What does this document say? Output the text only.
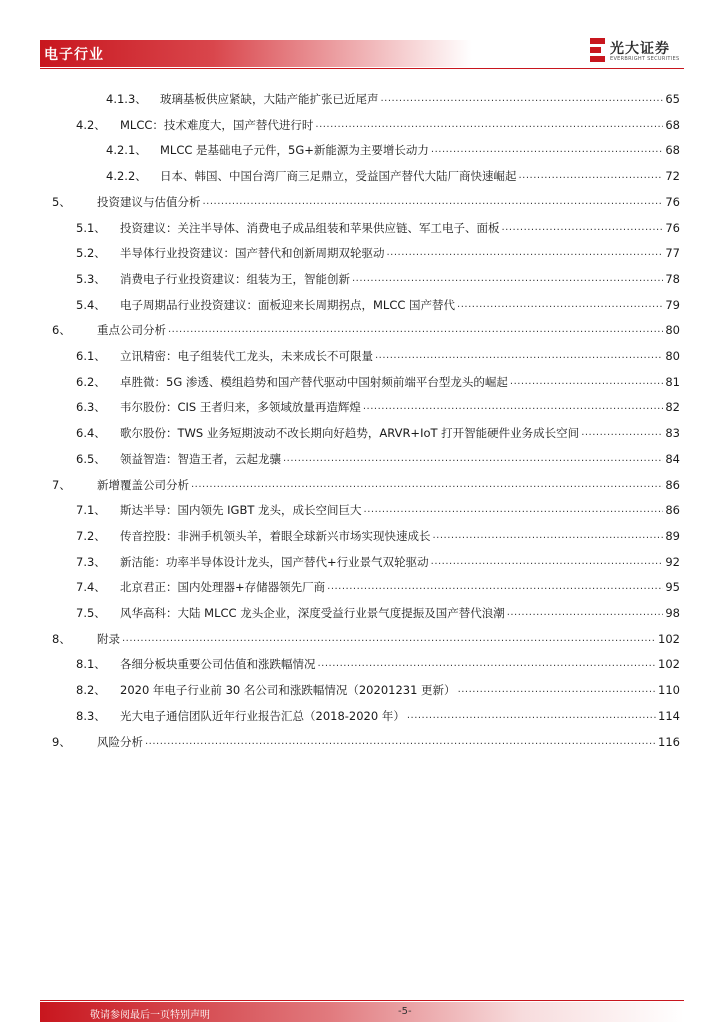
电子行业	光大证券
EVERBRIGHT SECURITIES
4.1.3、 玻璃基板供应紧缺，大陆产能扩张已近尾声 .....	65
4.2、 MLCC：技术难度大，国产替代进行时 .....	68
4.2.1、 MLCC 是基础电子元件，5G+新能源为主要增长动力 .....	68
4.2.2、 日本、韩国、中国台湾厂商三足鼎立，受益国产替代大陆厂商快速崛起 .....	72
5、 投资建议与估值分析 .....	76
5.1、 投资建议：关注半导体、消费电子成品组装和苹果供应链、军工电子、面板 .....	76
5.2、 半导体行业投资建议：国产替代和创新周期双轮驱动 .....	77
5.3、 消费电子行业投资建议：组装为王，智能创新 .....	78
5.4、 电子周期品行业投资建议：面板迎来长周期拐点，MLCC 国产替代 .....	79
6、 重点公司分析 .....	80
6.1、 立讯精密：电子组装代工龙头，未来成长不可限量 .....	80
6.2、 卓胜微：5G 渗透、模组趋势和国产替代驱动中国射频前端平台型龙头的崛起 .....	81
6.3、 韦尔股份：CIS 王者归来，多领域放量再造辉煌 .....	82
6.4、 歌尔股份：TWS 业务短期波动不改长期向好趋势，ARVR+IoT 打开智能硬件业务成长空间 .....	83
6.5、 领益智造：智造王者，云起龙骧 .....	84
7、 新增覆盖公司分析 .....	86
7.1、 斯达半导：国内领先 IGBT 龙头，成长空间巨大 .....	86
7.2、 传音控股：非洲手机领头羊，着眼全球新兴市场实现快速成长 .....	89
7.3、 新洁能：功率半导体设计龙头，国产替代+行业景气双轮驱动 .....	92
7.4、 北京君正：国内处理器+存储器领先厂商 .....	95
7.5、 风华高科：大陆 MLCC 龙头企业，深度受益行业景气度提振及国产替代浪潮 .....	98
8、 附录 .....	102
8.1、 各细分板块重要公司估值和涨跌幅情况 .....	102
8.2、 2020 年电子行业前 30 名公司和涨跌幅情况（20201231 更新） .....	110
8.3、 光大电子通信团队近年行业报告汇总（2018-2020 年） .....	114
9、 风险分析 .....	116
敬请参阅最后一页特别声明	-5-
